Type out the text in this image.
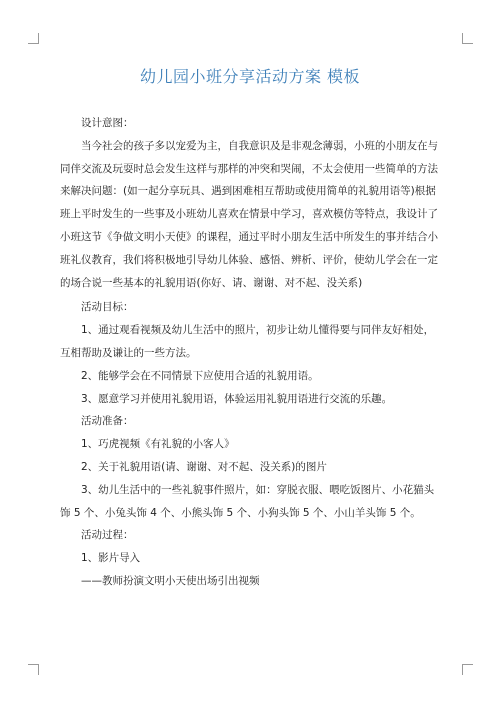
幼儿园小班分享活动方案 模板

设计意图：

当今社会的孩子多以宠爱为主，自我意识及是非观念薄弱，小班的小朋友在与同伴交流及玩耍时总会发生这样与那样的冲突和哭闹，不太会使用一些简单的方法来解决问题：(如一起分享玩具、遇到困难相互帮助或使用简单的礼貌用语等)根据班上平时发生的一些事及小班幼儿喜欢在情景中学习，喜欢模仿等特点，我设计了小班这节《争做文明小天使》的课程，通过平时小朋友生活中所发生的事并结合小班礼仪教育，我们将积极地引导幼儿体验、感悟、辨析、评价，使幼儿学会在一定的场合说一些基本的礼貌用语(你好、请、谢谢、对不起、没关系)

活动目标：

1、通过观看视频及幼儿生活中的照片，初步让幼儿懂得要与同伴友好相处，互相帮助及谦让的一些方法。

2、能够学会在不同情景下应使用合适的礼貌用语。

3、愿意学习并使用礼貌用语，体验运用礼貌用语进行交流的乐趣。

活动准备：

1、巧虎视频《有礼貌的小客人》

2、关于礼貌用语(请、谢谢、对不起、没关系)的图片

3、幼儿生活中的一些礼貌事件照片，如：穿脱衣服、喂吃饭图片、小花猫头饰 5 个、小兔头饰 4 个、小熊头饰 5 个、小狗头饰 5 个、小山羊头饰 5 个。

活动过程：

1、影片导入

——教师扮演文明小天使出场引出视频
